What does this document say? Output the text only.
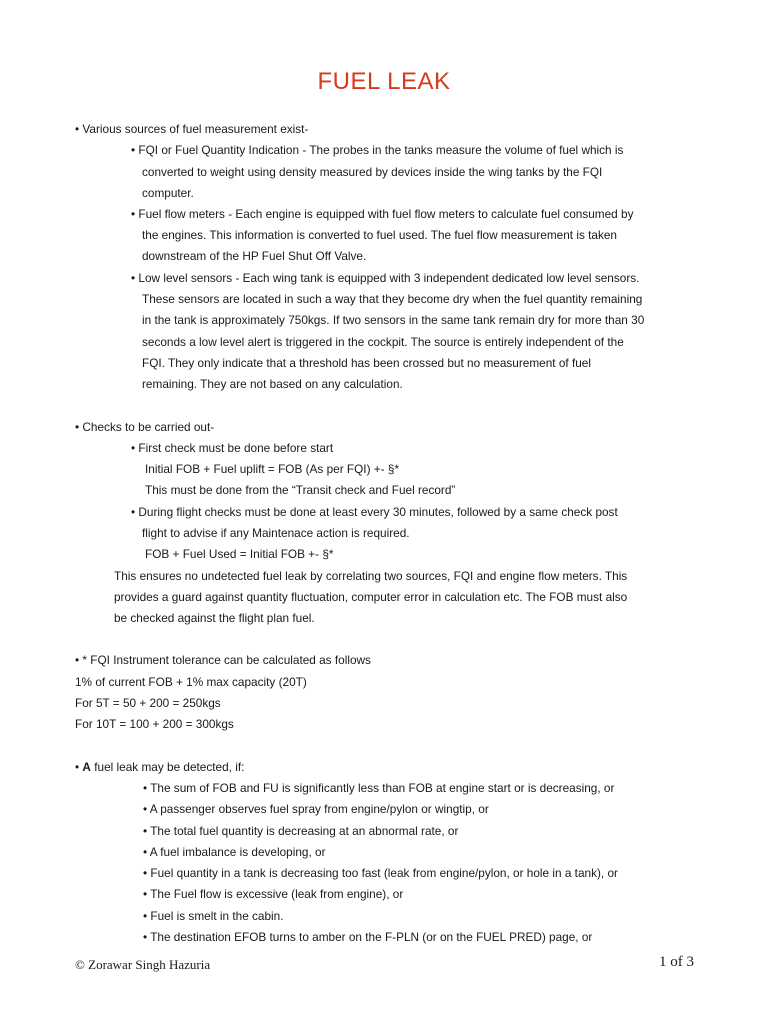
FUEL LEAK
• Various sources of fuel measurement exist-
• FQI or Fuel Quantity Indication - The probes in the tanks measure the volume of fuel which is
converted to weight using density measured by devices inside the wing tanks by the FQI
computer.
• Fuel flow meters - Each engine is equipped with fuel flow meters to calculate fuel consumed by
the engines. This information is converted to fuel used. The fuel flow measurement is taken
downstream of the HP Fuel Shut Off Valve.
• Low level sensors - Each wing tank is equipped with 3 independent dedicated low level sensors.
These sensors are located in such a way that they become dry when the fuel quantity remaining
in the tank is approximately 750kgs. If two sensors in the same tank remain dry for more than 30
seconds a low level alert is triggered in the cockpit. The source is entirely independent of the
FQI. They only indicate that a threshold has been crossed but no measurement of fuel
remaining. They are not based on any calculation.
• Checks to be carried out-
• First check must be done before start
Initial FOB + Fuel uplift = FOB (As per FQI) +- §*
This must be done from the “Transit check and Fuel record”
• During flight checks must be done at least every 30 minutes, followed by a same check post
flight to advise if any Maintenace action is required.
FOB + Fuel Used = Initial FOB +- §*
This ensures no undetected fuel leak by correlating two sources, FQI and engine flow meters. This
provides a guard against quantity fluctuation, computer error in calculation etc. The FOB must also
be checked against the flight plan fuel.
• * FQI Instrument tolerance can be calculated as follows
1% of current FOB + 1% max capacity (20T)
For 5T = 50 + 200 = 250kgs
For 10T = 100 + 200 = 300kgs
• A fuel leak may be detected, if:
• The sum of FOB and FU is significantly less than FOB at engine start or is decreasing, or
• A passenger observes fuel spray from engine/pylon or wingtip, or
• The total fuel quantity is decreasing at an abnormal rate, or
• A fuel imbalance is developing, or
• Fuel quantity in a tank is decreasing too fast (leak from engine/pylon, or hole in a tank), or
• The Fuel flow is excessive (leak from engine), or
• Fuel is smelt in the cabin.
• The destination EFOB turns to amber on the F-PLN (or on the FUEL PRED) page, or
© Zorawar Singh Hazuria	1 of 3
